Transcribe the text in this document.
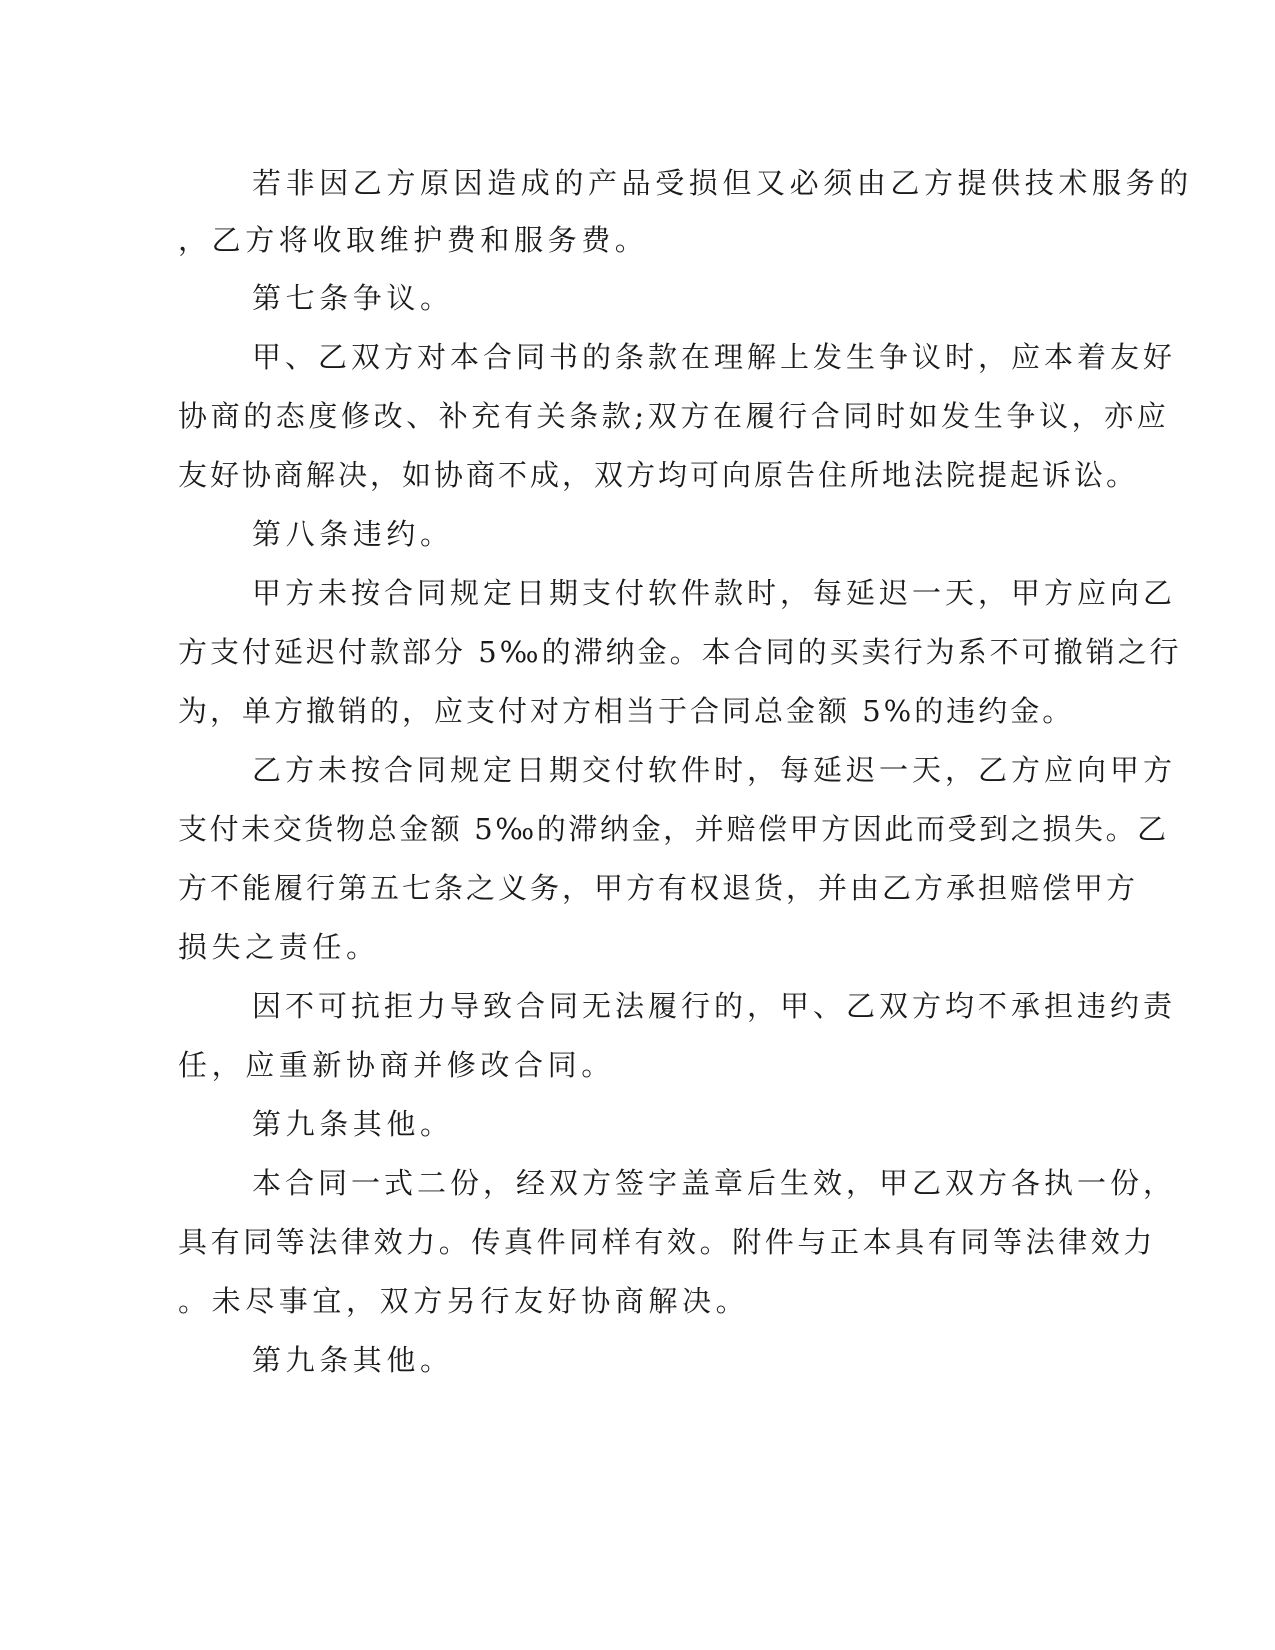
若非因乙方原因造成的产品受损但又必须由乙方提供技术服务的
，乙方将收取维护费和服务费。
第七条争议。
甲、乙双方对本合同书的条款在理解上发生争议时，应本着友好
协商的态度修改、补充有关条款;双方在履行合同时如发生争议，亦应
友好协商解决，如协商不成，双方均可向原告住所地法院提起诉讼。
第八条违约。
甲方未按合同规定日期支付软件款时，每延迟一天，甲方应向乙
方支付延迟付款部分 5‰的滞纳金。本合同的买卖行为系不可撤销之行
为，单方撤销的，应支付对方相当于合同总金额 5%的违约金。
乙方未按合同规定日期交付软件时，每延迟一天，乙方应向甲方
支付未交货物总金额 5‰的滞纳金，并赔偿甲方因此而受到之损失。乙
方不能履行第五七条之义务，甲方有权退货，并由乙方承担赔偿甲方
损失之责任。
因不可抗拒力导致合同无法履行的，甲、乙双方均不承担违约责
任，应重新协商并修改合同。
第九条其他。
本合同一式二份，经双方签字盖章后生效，甲乙双方各执一份，
具有同等法律效力。传真件同样有效。附件与正本具有同等法律效力
。未尽事宜，双方另行友好协商解决。
第九条其他。
